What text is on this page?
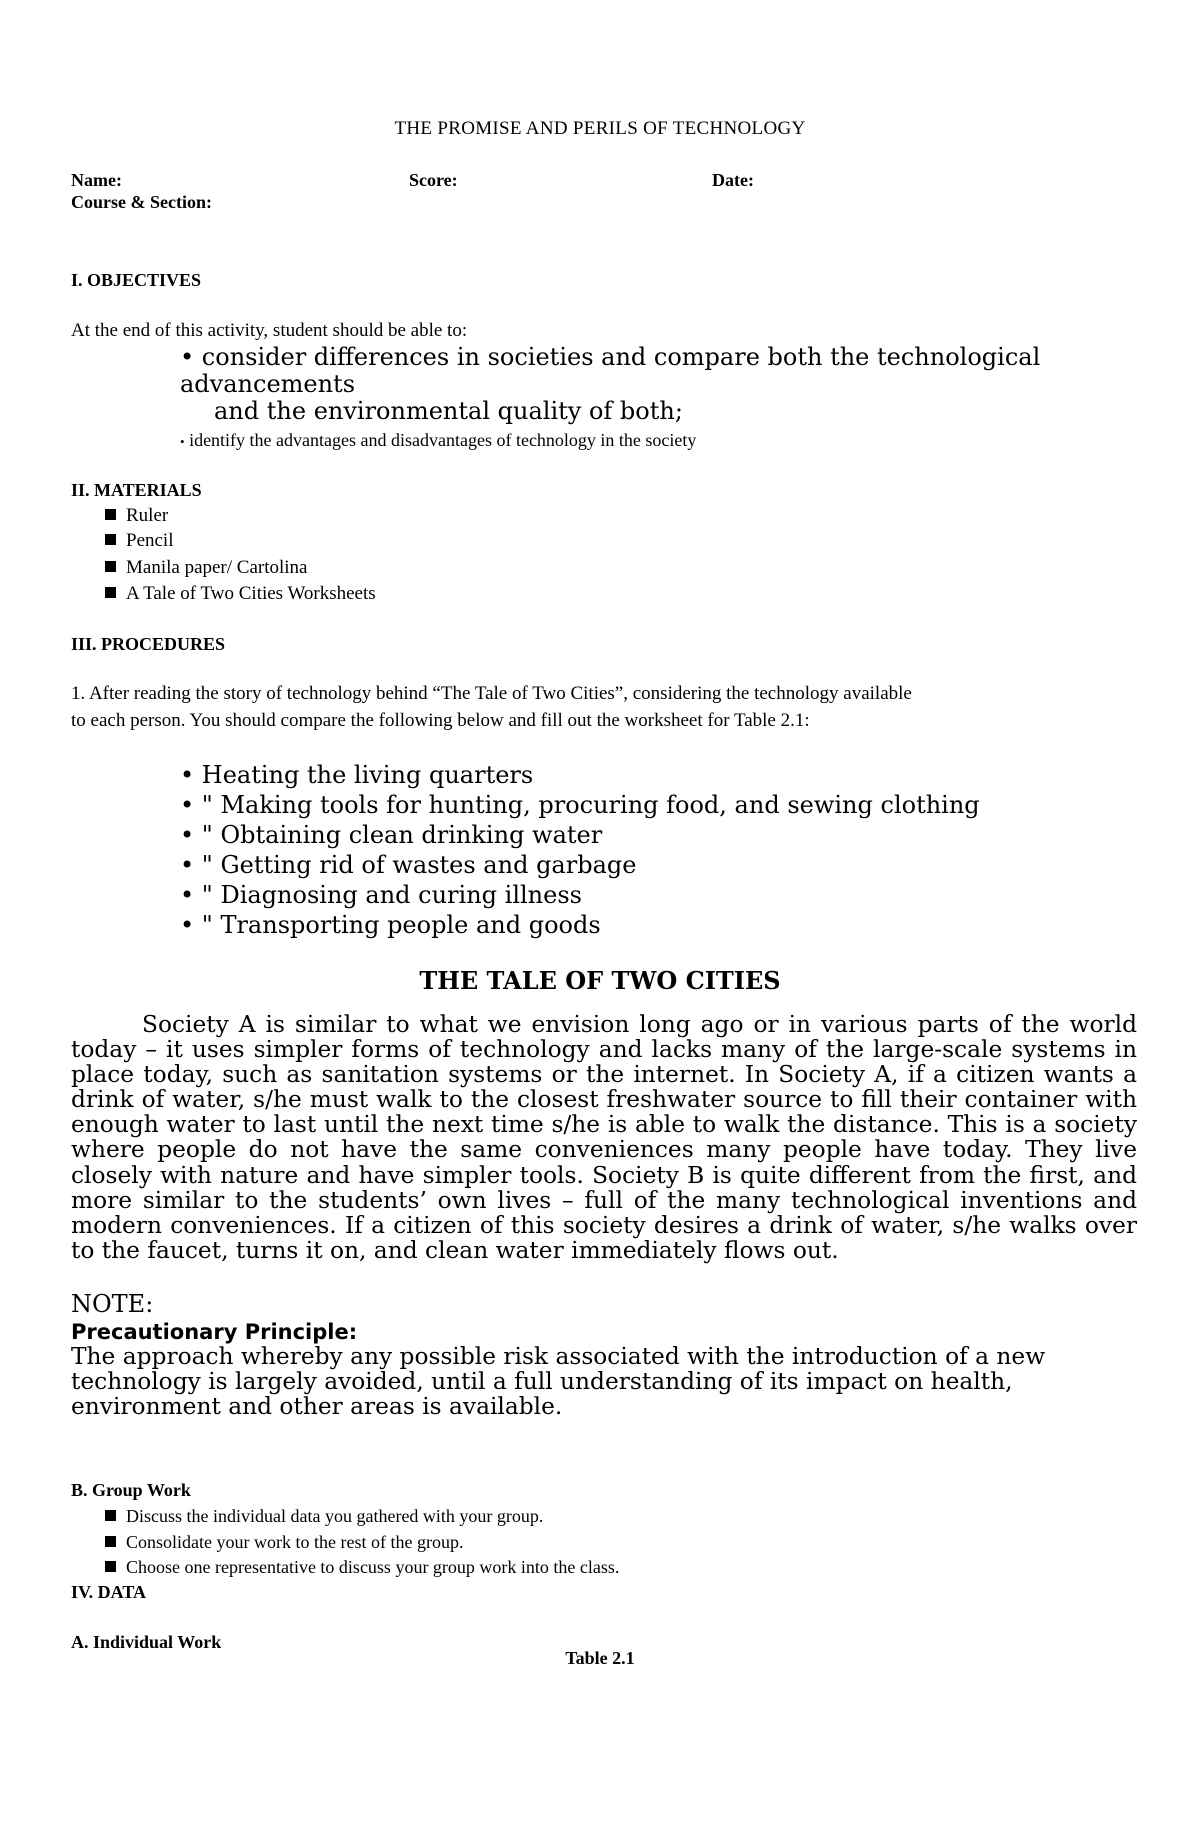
THE PROMISE AND PERILS OF TECHNOLOGY
Name:	Score:	Date:
Course & Section:
I. OBJECTIVES
At the end of this activity, student should be able to:
• consider differences in societies and compare both the technological
advancements
and the environmental quality of both;
• identify the advantages and disadvantages of technology in the society
II. MATERIALS
Ruler
Pencil
Manila paper/ Cartolina
A Tale of Two Cities Worksheets
III. PROCEDURES
1. After reading the story of technology behind “The Tale of Two Cities”, considering the technology available
to each person. You should compare the following below and fill out the worksheet for Table 2.1:
• Heating the living quarters
• " Making tools for hunting, procuring food, and sewing clothing
• " Obtaining clean drinking water
• " Getting rid of wastes and garbage
• " Diagnosing and curing illness
• " Transporting people and goods
THE TALE OF TWO CITIES
Society A is similar to what we envision long ago or in various parts of the world today – it uses simpler forms of technology and lacks many of the large-scale systems in place today, such as sanitation systems or the internet. In Society A, if a citizen wants a drink of water, s/he must walk to the closest freshwater source to fill their container with enough water to last until the next time s/he is able to walk the distance. This is a society where people do not have the same conveniences many people have today. They live closely with nature and have simpler tools. Society B is quite different from the first, and more similar to the students’ own lives – full of the many technological inventions and modern conveniences. If a citizen of this society desires a drink of water, s/he walks over to the faucet, turns it on, and clean water immediately flows out.
NOTE:
Precautionary Principle:
The approach whereby any possible risk associated with the introduction of a new technology is largely avoided, until a full understanding of its impact on health, environment and other areas is available.
B. Group Work
Discuss the individual data you gathered with your group.
Consolidate your work to the rest of the group.
Choose one representative to discuss your group work into the class.
IV. DATA
A. Individual Work
Table 2.1
